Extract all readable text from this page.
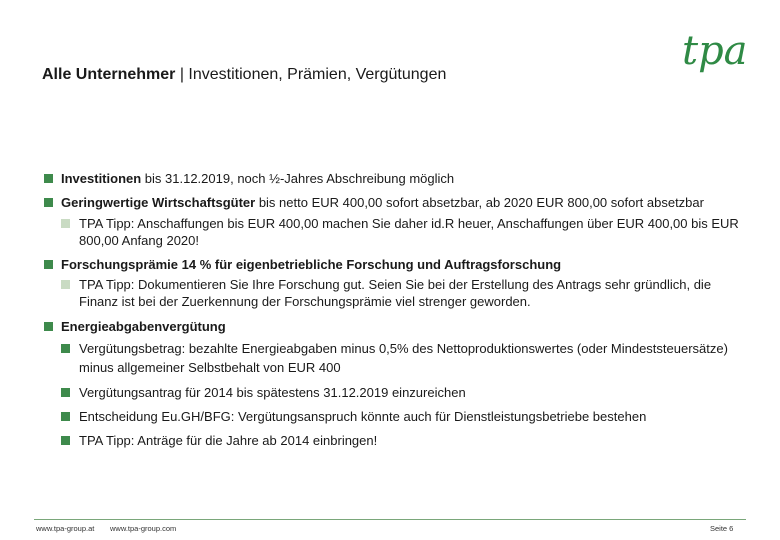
Alle Unternehmer | Investitionen, Prämien, Vergütungen
tpa
Investitionen bis 31.12.2019, noch ½-Jahres Abschreibung möglich
Geringwertige Wirtschaftsgüter bis netto EUR 400,00 sofort absetzbar, ab 2020 EUR 800,00 sofort absetzbar
TPA Tipp: Anschaffungen bis EUR 400,00 machen Sie daher id.R heuer, Anschaffungen über EUR 400,00 bis EUR 800,00 Anfang 2020!
Forschungsprämie 14 % für eigenbetriebliche Forschung und Auftragsforschung
TPA Tipp: Dokumentieren Sie Ihre Forschung gut. Seien Sie bei der Erstellung des Antrags sehr gründlich, die Finanz ist bei der Zuerkennung der Forschungsprämie viel strenger geworden.
Energieabgabenvergütung
Vergütungsbetrag: bezahlte Energieabgaben minus 0,5% des Nettoproduktionswertes (oder Mindeststeuersätze) minus allgemeiner Selbstbehalt von EUR 400
Vergütungsantrag für 2014 bis spätestens 31.12.2019 einzureichen
Entscheidung Eu.GH/BFG: Vergütungsanspruch könnte auch für Dienstleistungsbetriebe bestehen
TPA Tipp: Anträge für die Jahre ab 2014 einbringen!
www.tpa-group.at www.tpa-group.com	Seite 6
